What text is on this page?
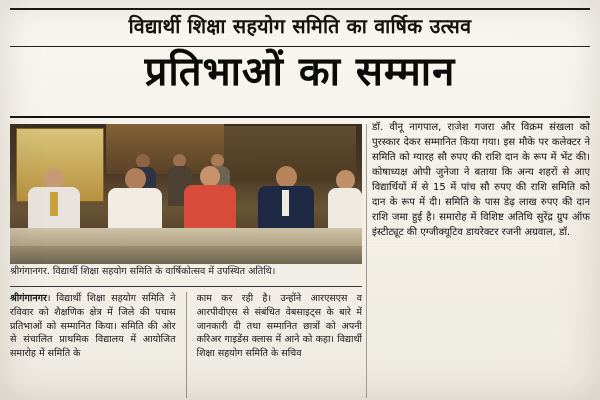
विद्यार्थी शिक्षा सहयोग समिति का वार्षिक उत्सव
प्रतिभाओं का सम्मान
श्रीगंगानगर. विद्यार्थी शिक्षा सहयोग समिति के वार्षिकोत्सव में उपस्थित अतिथि।
श्रीगंगानगर। विद्यार्थी शिक्षा सहयोग समिति ने रविवार को शैक्षणिक क्षेत्र में जिले की पचास प्रतिभाओं को सम्मानित किया। समिति की ओर से संचालित प्राथमिक विद्यालय में आयोजित समारोह में समिति के
काम कर रही है। उन्होंने आरएसएस व आरपीवीएस से संबंधित वेबसाइट्स के बारे में जानकारी दी तथा सम्मानित छात्रों को अपनी करिअर गाइडेंस क्लास में आने को कहा। विद्यार्थी शिक्षा सहयोग समिति के सचिव
डॉ. वीनू नागपाल, राजेश गजरा और विक्रम संखला को पुरस्कार देकर सम्मानित किया गया। इस मौके पर कलेक्टर ने समिति को ग्यारह सौ रुपए की राशि दान के रूप में भेंट की। कोषाध्यक्ष ओपी जुनेजा ने बताया कि अन्य शहरों से आए विद्यार्थियों में से 15 में पांच सौ रुपए की राशि समिति को दान के रूप में दी। समिति के पास डेढ़ लाख रुपए की दान राशि जमा हुई है। समारोह में विशिष्ट अतिथि सुरेंद्र ग्रुप ऑफ इंस्टीट्यूट की एग्जीक्यूटिव डायरेक्टर रजनी अग्रवाल, डॉ.
